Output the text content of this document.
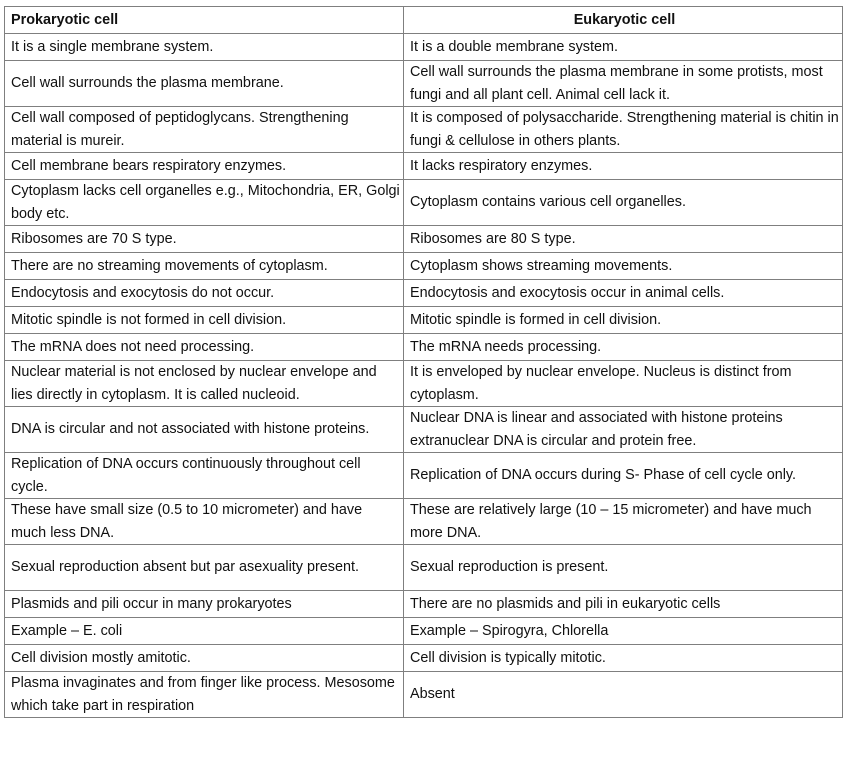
Prokaryotic cell	Eukaryotic cell
It is a single membrane system.	It is a double membrane system.
Cell wall surrounds the plasma membrane.	Cell wall surrounds the plasma membrane in some protists, most fungi and all plant cell. Animal cell lack it.
Cell wall composed of peptidoglycans. Strengthening material is mureir.	It is composed of polysaccharide. Strengthening material is chitin in fungi & cellulose in others plants.
Cell membrane bears respiratory enzymes.	It lacks respiratory enzymes.
Cytoplasm lacks cell organelles e.g., Mitochondria, ER, Golgi body etc.	Cytoplasm contains various cell organelles.
Ribosomes are 70 S type.	Ribosomes are 80 S type.
There are no streaming movements of cytoplasm.	Cytoplasm shows streaming movements.
Endocytosis and exocytosis do not occur.	Endocytosis and exocytosis occur in animal cells.
Mitotic spindle is not formed in cell division.	Mitotic spindle is formed in cell division.
The mRNA does not need processing.	The mRNA needs processing.
Nuclear material is not enclosed by nuclear envelope and lies directly in cytoplasm. It is called nucleoid.	It is enveloped by nuclear envelope. Nucleus is distinct from cytoplasm.
DNA is circular and not associated with histone proteins.	Nuclear DNA is linear and associated with histone proteins extranuclear DNA is circular and protein free.
Replication of DNA occurs continuously throughout cell cycle.	Replication of DNA occurs during S- Phase of cell cycle only.
These have small size (0.5 to 10 micrometer) and have much less DNA.	These are relatively large (10 – 15 micrometer) and have much more DNA.
Sexual reproduction absent but par asexuality present.	Sexual reproduction is present.
Plasmids and pili occur in many prokaryotes	There are no plasmids and pili in eukaryotic cells
Example – E. coli	Example – Spirogyra, Chlorella
Cell division mostly amitotic.	Cell division is typically mitotic.
Plasma invaginates and from finger like process. Mesosome which take part in respiration	Absent
